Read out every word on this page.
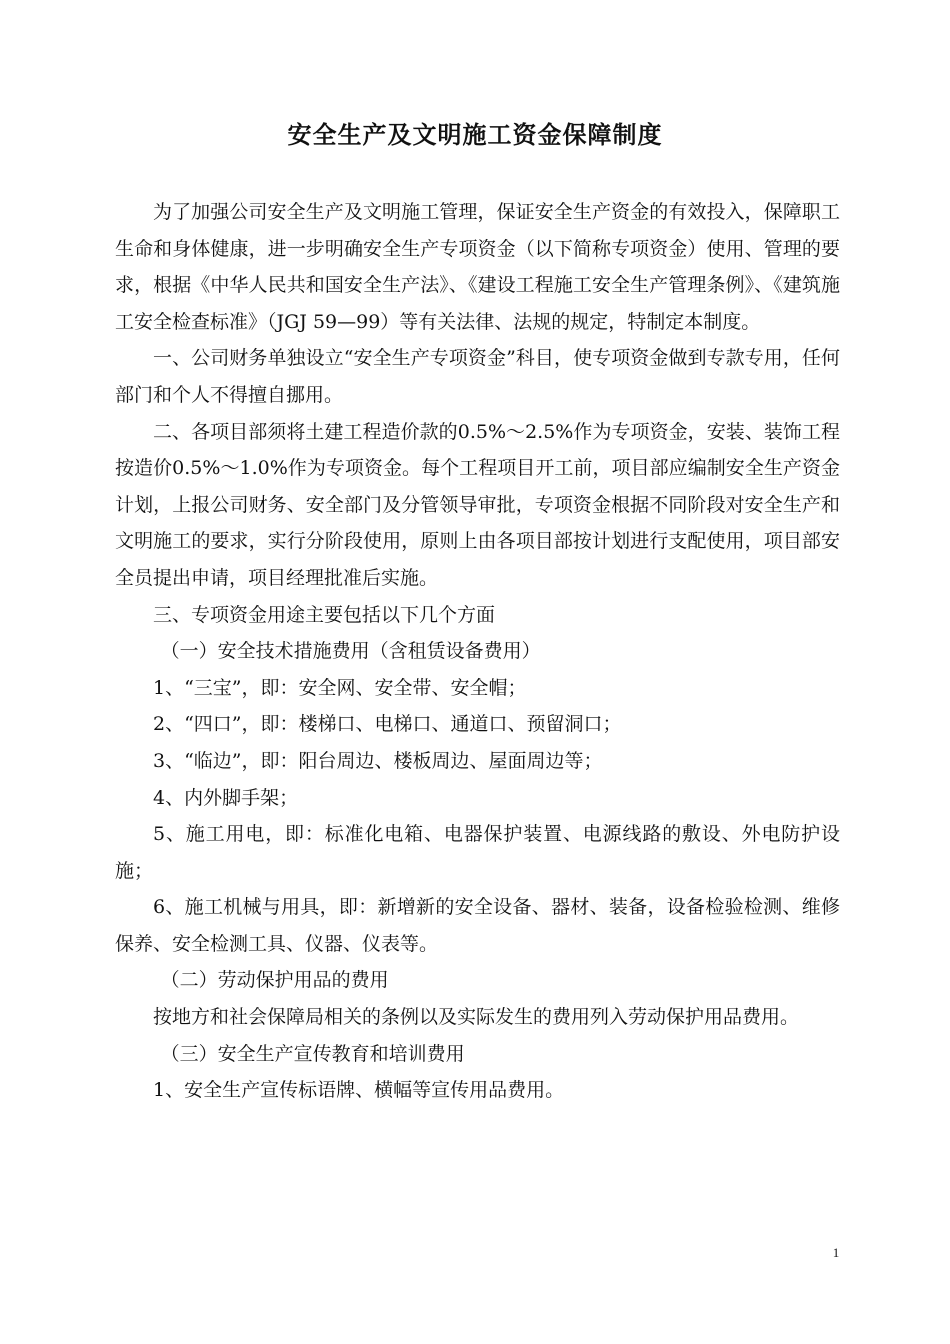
安全生产及文明施工资金保障制度

为了加强公司安全生产及文明施工管理，保证安全生产资金的有效投入，保障职工生命和身体健康，进一步明确安全生产专项资金（以下简称专项资金）使用、管理的要求，根据《中华人民共和国安全生产法》、《建设工程施工安全生产管理条例》、《建筑施工安全检查标准》（JGJ 59—99）等有关法律、法规的规定，特制定本制度。

一、公司财务单独设立“安全生产专项资金”科目，使专项资金做到专款专用，任何部门和个人不得擅自挪用。

二、各项目部须将土建工程造价款的0.5%～2.5%作为专项资金，安装、装饰工程按造价0.5%～1.0%作为专项资金。每个工程项目开工前，项目部应编制安全生产资金计划，上报公司财务、安全部门及分管领导审批，专项资金根据不同阶段对安全生产和文明施工的要求，实行分阶段使用，原则上由各项目部按计划进行支配使用，项目部安全员提出申请，项目经理批准后实施。

三、专项资金用途主要包括以下几个方面

（一）安全技术措施费用（含租赁设备费用）

1、“三宝”，即：安全网、安全带、安全帽；

2、“四口”，即：楼梯口、电梯口、通道口、预留洞口；

3、“临边”，即：阳台周边、楼板周边、屋面周边等；

4、内外脚手架；

5、施工用电，即：标准化电箱、电器保护装置、电源线路的敷设、外电防护设施；

6、施工机械与用具，即：新增新的安全设备、器材、装备，设备检验检测、维修保养、安全检测工具、仪器、仪表等。

（二）劳动保护用品的费用

按地方和社会保障局相关的条例以及实际发生的费用列入劳动保护用品费用。

（三）安全生产宣传教育和培训费用

1、安全生产宣传标语牌、横幅等宣传用品费用。

1
